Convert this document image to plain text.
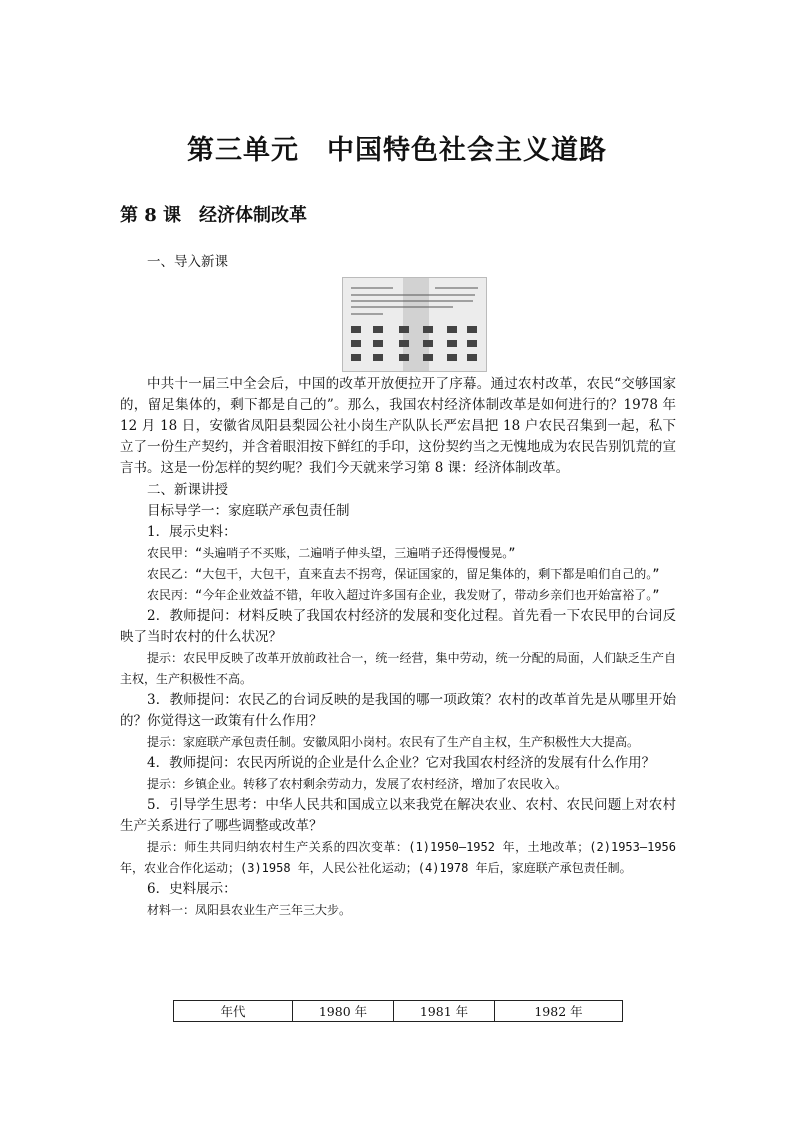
第三单元　中国特色社会主义道路
第 8 课　经济体制改革
一、导入新课

中共十一届三中全会后，中国的改革开放便拉开了序幕。通过农村改革，农民“交够国家的，留足集体的，剩下都是自己的”。那么，我国农村经济体制改革是如何进行的？1978 年 12 月 18 日，安徽省凤阳县梨园公社小岗生产队队长严宏昌把 18 户农民召集到一起，私下立了一份生产契约，并含着眼泪按下鲜红的手印，这份契约当之无愧地成为农民告别饥荒的宣言书。这是一份怎样的契约呢？我们今天就来学习第 8 课：经济体制改革。

二、新课讲授

目标导学一：家庭联产承包责任制

1．展示史料：

农民甲：“头遍哨子不买账，二遍哨子伸头望，三遍哨子还得慢慢晃。”

农民乙：“大包干，大包干，直来直去不拐弯，保证国家的，留足集体的，剩下都是咱们自己的。”

农民丙：“今年企业效益不错，年收入超过许多国有企业，我发财了，带动乡亲们也开始富裕了。”

2．教师提问：材料反映了我国农村经济的发展和变化过程。首先看一下农民甲的台词反映了当时农村的什么状况？

提示：农民甲反映了改革开放前政社合一，统一经营，集中劳动，统一分配的局面，人们缺乏生产自主权，生产积极性不高。

3．教师提问：农民乙的台词反映的是我国的哪一项政策？农村的改革首先是从哪里开始的？你觉得这一政策有什么作用？

提示：家庭联产承包责任制。安徽凤阳小岗村。农民有了生产自主权，生产积极性大大提高。

4．教师提问：农民丙所说的企业是什么企业？它对我国农村经济的发展有什么作用？

提示：乡镇企业。转移了农村剩余劳动力，发展了农村经济，增加了农民收入。

5．引导学生思考：中华人民共和国成立以来我党在解决农业、农村、农民问题上对农村生产关系进行了哪些调整或改革？

提示：师生共同归纳农村生产关系的四次变革：(1)1950—1952 年，土地改革；(2)1953—1956 年，农业合作化运动；(3)1958 年，人民公社化运动；(4)1978 年后，家庭联产承包责任制。

6．史料展示：

材料一：凤阳县农业生产三年三大步。

年代	1980 年	1981 年	1982 年
